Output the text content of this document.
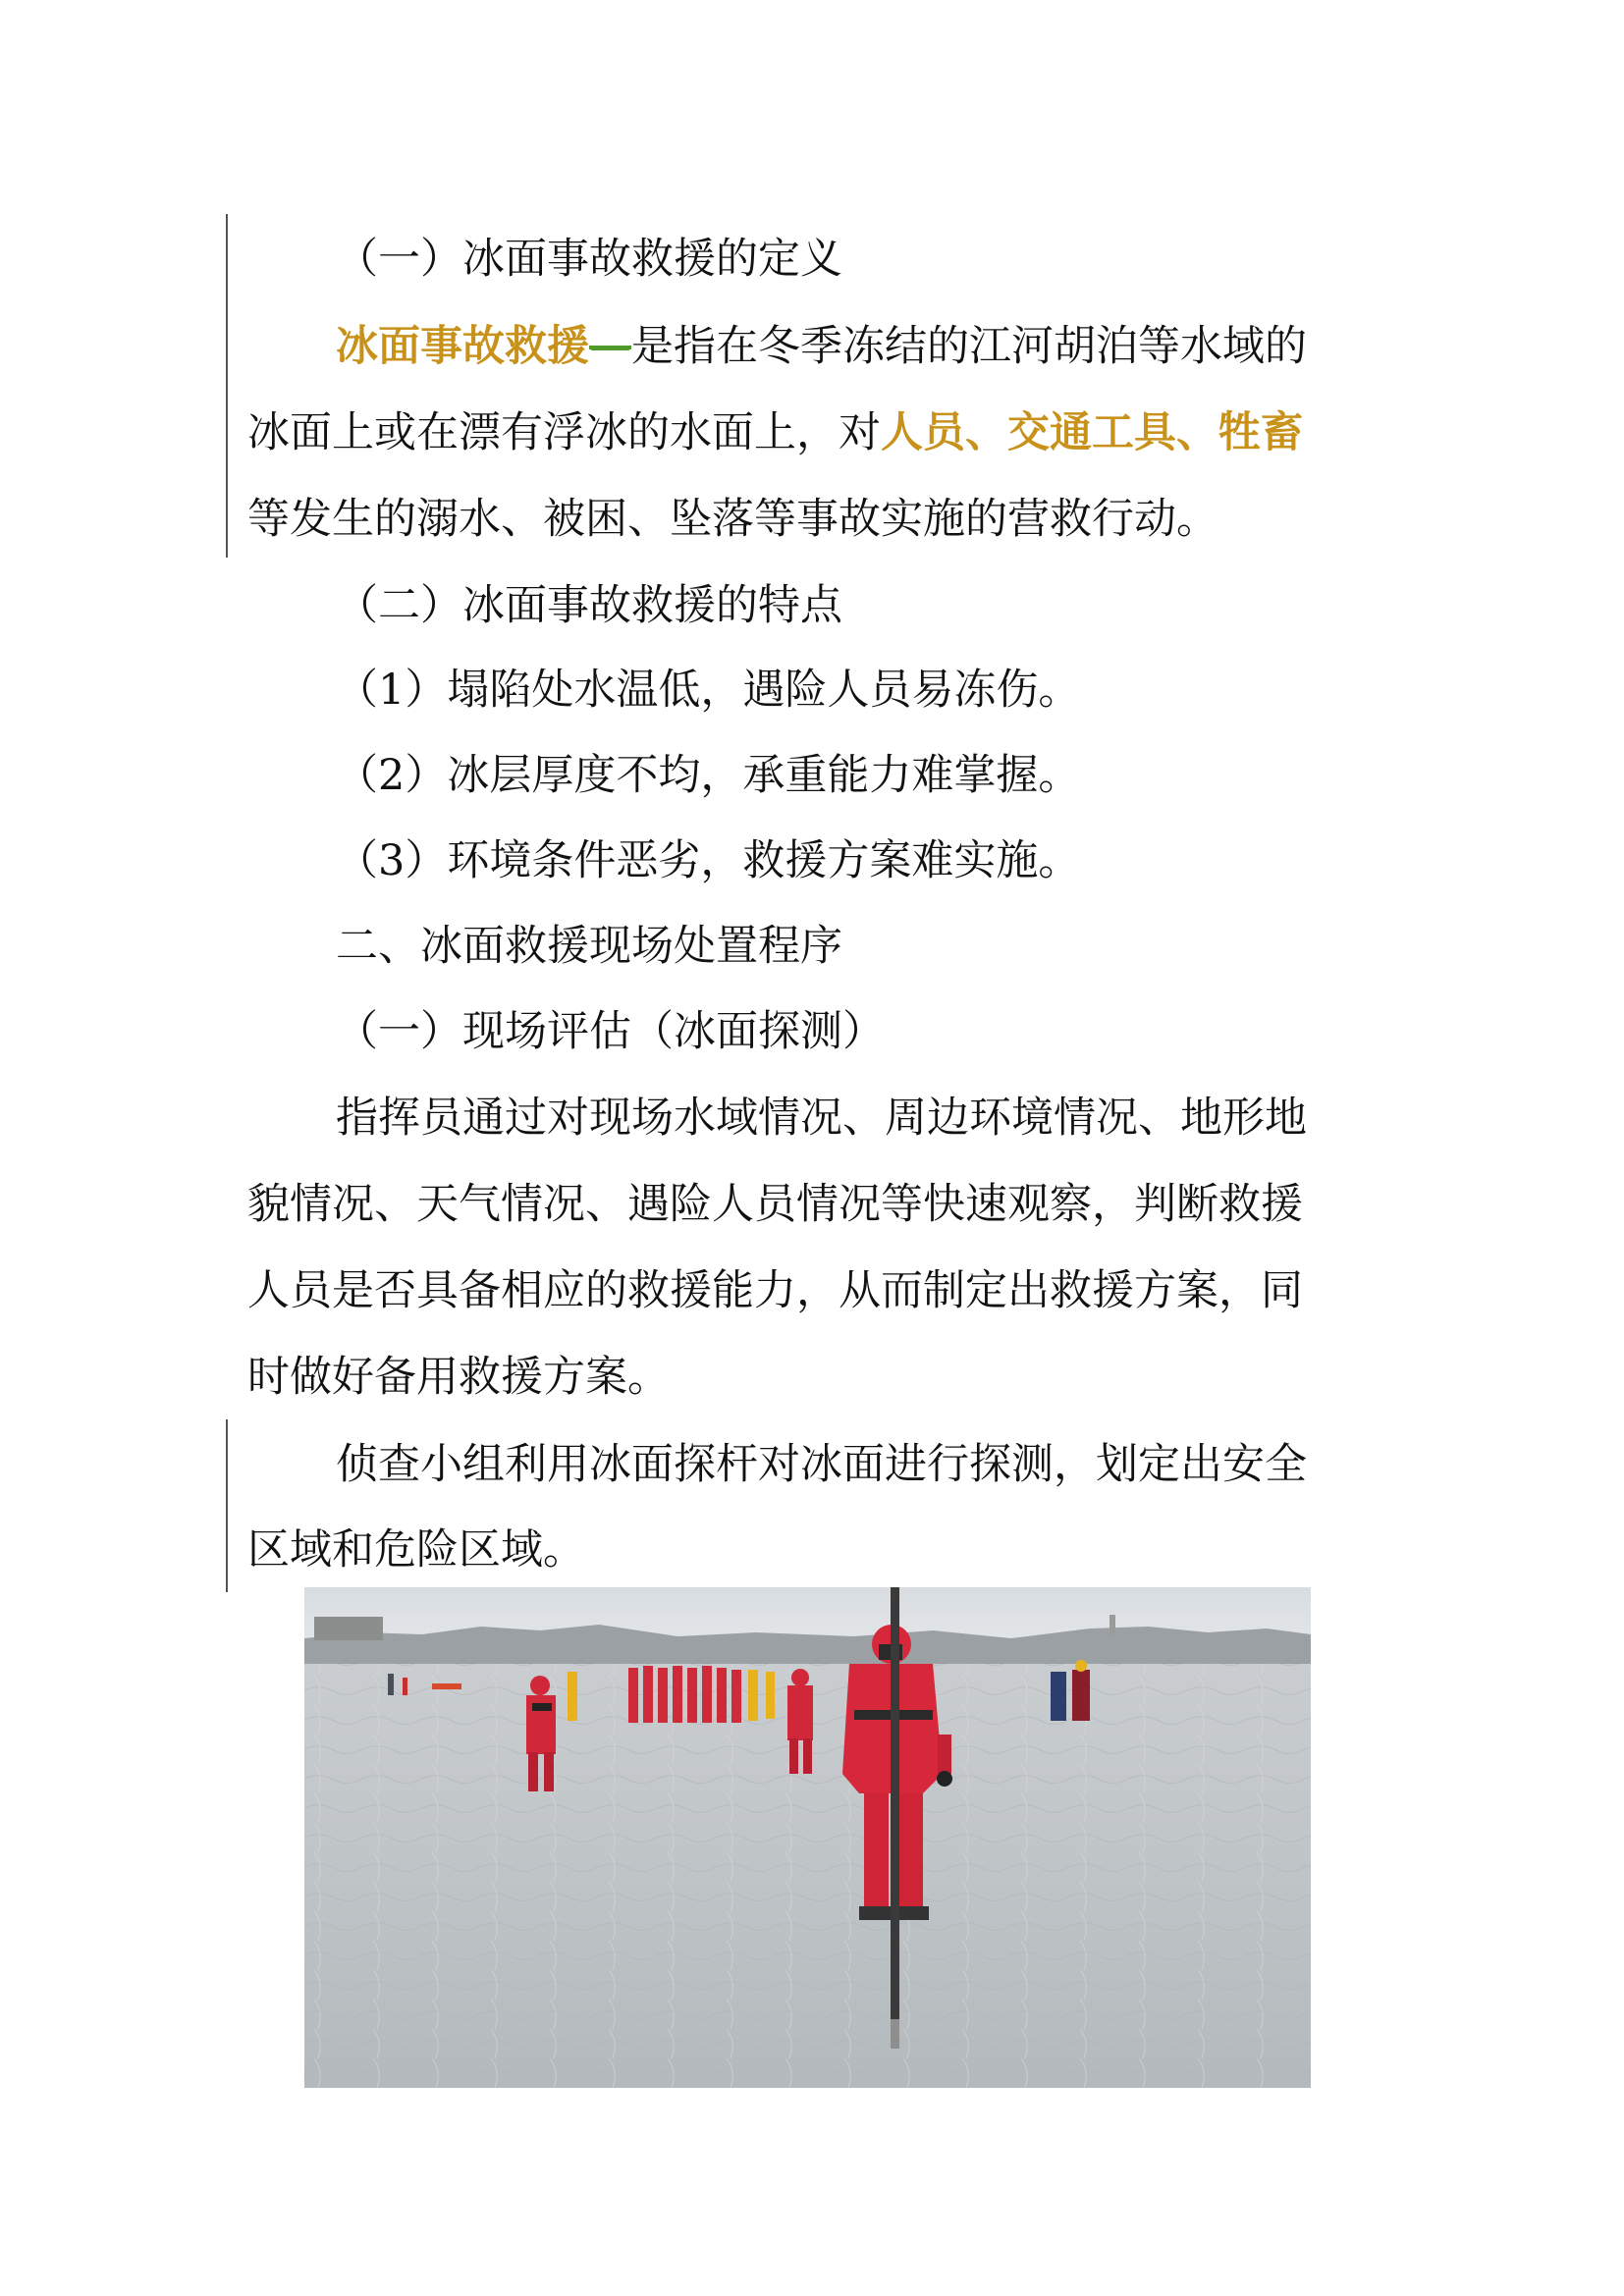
（一）冰面事故救援的定义
冰面事故救援—是指在冬季冻结的江河胡泊等水域的
冰面上或在漂有浮冰的水面上，对人员、交通工具、牲畜
等发生的溺水、被困、坠落等事故实施的营救行动。
（二）冰面事故救援的特点
（1）塌陷处水温低，遇险人员易冻伤。
（2）冰层厚度不均，承重能力难掌握。
（3）环境条件恶劣，救援方案难实施。
二、冰面救援现场处置程序
（一）现场评估（冰面探测）
指挥员通过对现场水域情况、周边环境情况、地形地
貌情况、天气情况、遇险人员情况等快速观察，判断救援
人员是否具备相应的救援能力，从而制定出救援方案，同
时做好备用救援方案。
侦查小组利用冰面探杆对冰面进行探测，划定出安全
区域和危险区域。
